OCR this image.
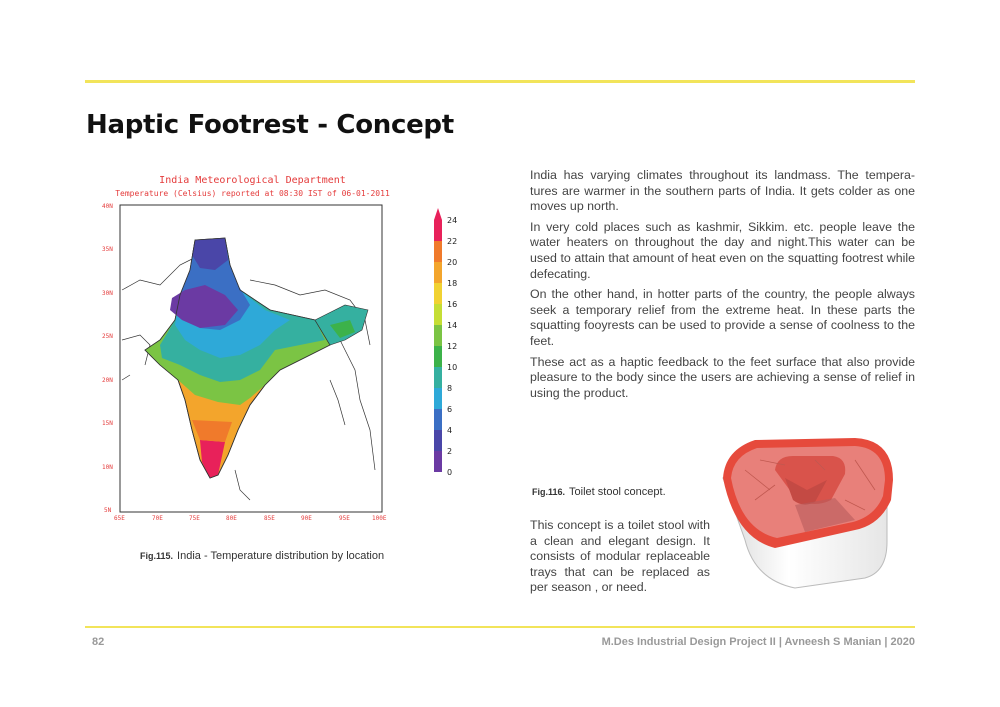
Haptic Footrest - Concept
India Meteorological Department
Temperature (Celsius) reported at 08:30 IST of 06-01-2011
40N
35N
30N
25N
20N
15N
10N
5N
65E	70E	75E	80E	85E	90E	95E	100E
24
22
20
18
16
14
12
10
8
6
4
2
0
Fig.115. India - Temperature distribution by location

India has varying climates throughout its landmass. The tempera-tures are warmer in the southern parts of India. It gets colder as one moves up north.

In very cold places such as kashmir, Sikkim. etc. people leave the water heaters on throughout the day and night.This water can be used to attain that amount of heat even on the squatting footrest while defecating.

On the other hand, in hotter parts of the country, the people always seek a temporary relief from the extreme heat. In these parts the squatting fooyrests can be used to provide a sense of coolness to the feet.

These act as a haptic feedback to the feet surface that also provide pleasure to the body since the users are achieving a sense of relief in using the product.

Fig.116. Toilet stool concept.

This concept is a toilet stool with a clean and elegant design. It consists of modular replaceable trays that can be replaced as per season , or need.

82	M.Des Industrial Design Project II | Avneesh S Manian | 2020
